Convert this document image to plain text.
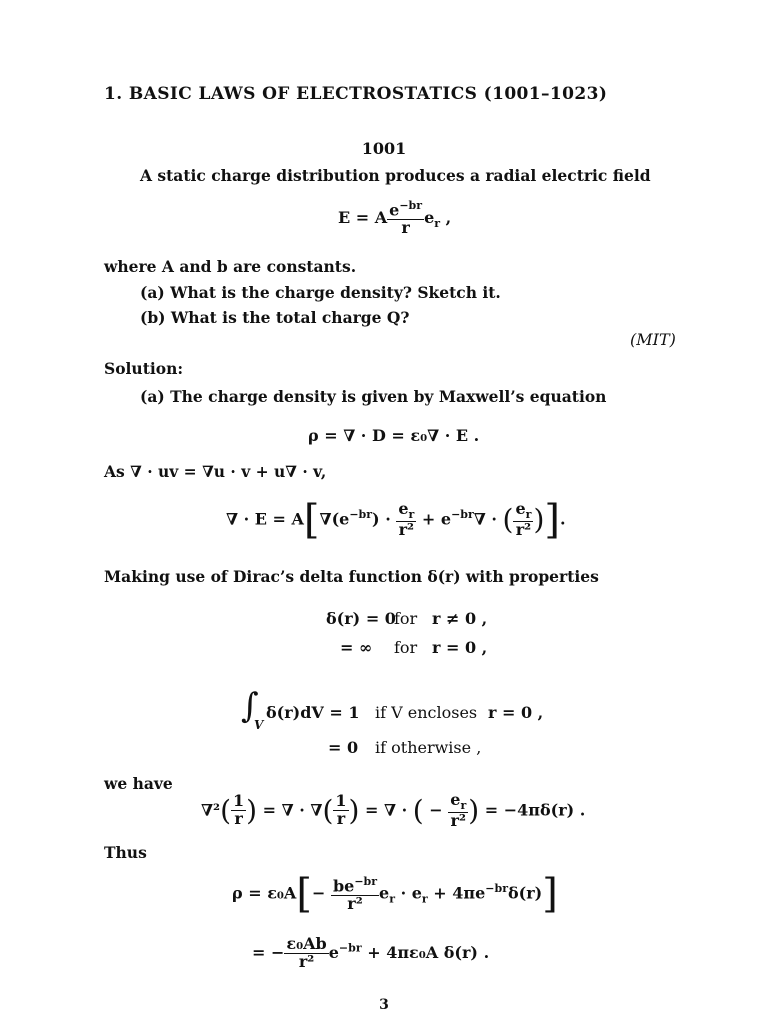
1. BASIC LAWS OF ELECTROSTATICS (1001–1023)
1001
A static charge distribution produces a radial electric field
E = A $\frac{e^{-br}}{r} e_r$ ,
where A and b are constants.
(a) What is the charge density? Sketch it.
(b) What is the total charge Q?
(MIT)
Solution:
(a) The charge density is given by Maxwell’s equation
ρ = ∇ · D = ε₀∇ · E .
As ∇ · uv = ∇u · v + u∇ · v,
∇ · $E = A[\nabla(e^{-br}) \cdot \frac{e_r}{\text{r²}} + e^{-br}\nabla$ · ( $\frac{e_r}{\text{r²}}$ )].
Making use of Dirac’s delta function δ(r) with properties
δ(r) = 0
for r ≠ 0 ,
= ∞ for r = 0 ,
∫
V
δ(r)dV = 1 if V encloses r = 0 ,
= 0 if otherwise ,
we have
$\nabla^2( \frac{1}{r}$ ) = ∇ · ∇( $\frac{1}{r}$ ) = ∇ · ( − $\frac{e_r}{\text{r²}}$ ) = −4πδ(r) .
Thus
$\rho = \varepsilon_0A[- \frac{be^{-br}}{\text{r²}} e_r \cdot e_r + 4\pi e^{-br}\delta(r)]$
= − $\frac{\text{ε₀Ab}}{\text{r²}} e^{-br} + 4\pi\varepsilon_0A$ δ(r) .
3
